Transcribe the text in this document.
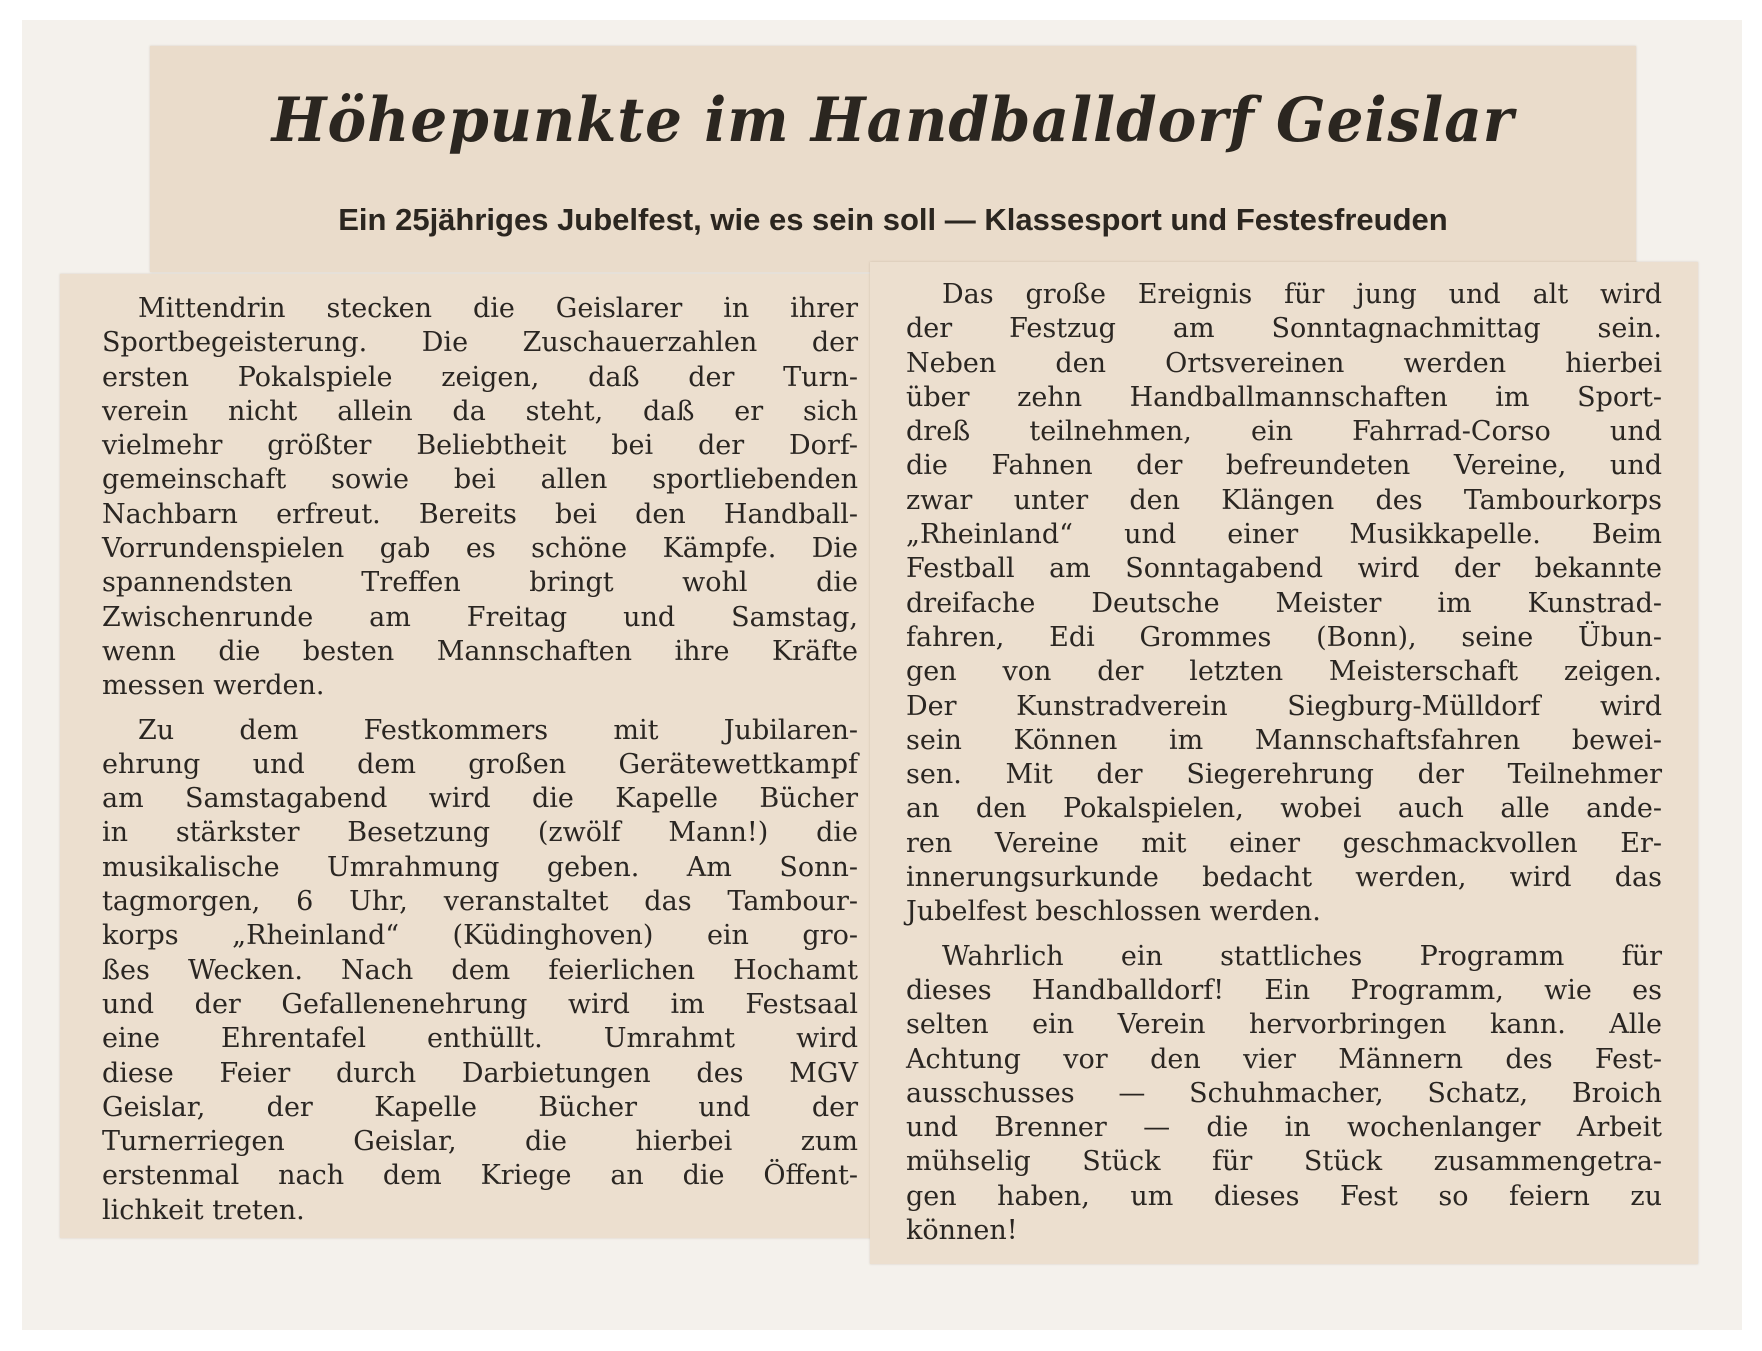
Höhepunkte im Handballdorf Geislar
Ein 25jähriges Jubelfest, wie es sein soll — Klassesport und Festesfreuden

Mittendrin stecken die Geislarer in ihrer
Sportbegeisterung. Die Zuschauerzahlen der
ersten Pokalspiele zeigen, daß der Turn-
verein nicht allein da steht, daß er sich
vielmehr größter Beliebtheit bei der Dorf-
gemeinschaft sowie bei allen sportliebenden
Nachbarn erfreut. Bereits bei den Handball-
Vorrundenspielen gab es schöne Kämpfe. Die
spannendsten Treffen bringt wohl die
Zwischenrunde am Freitag und Samstag,
wenn die besten Mannschaften ihre Kräfte
messen werden.

Zu dem Festkommers mit Jubilaren-
ehrung und dem großen Gerätewettkampf
am Samstagabend wird die Kapelle Bücher
in stärkster Besetzung (zwölf Mann!) die
musikalische Umrahmung geben. Am Sonn-
tagmorgen, 6 Uhr, veranstaltet das Tambour-
korps „Rheinland“ (Küdinghoven) ein gro-
ßes Wecken. Nach dem feierlichen Hochamt
und der Gefallenenehrung wird im Festsaal
eine Ehrentafel enthüllt. Umrahmt wird
diese Feier durch Darbietungen des MGV
Geislar, der Kapelle Bücher und der
Turnerriegen Geislar, die hierbei zum
erstenmal nach dem Kriege an die Öffent-
lichkeit treten.

Das große Ereignis für jung und alt wird
der Festzug am Sonntagnachmittag sein.
Neben den Ortsvereinen werden hierbei
über zehn Handballmannschaften im Sport-
dreß teilnehmen, ein Fahrrad-Corso und
die Fahnen der befreundeten Vereine, und
zwar unter den Klängen des Tambourkorps
„Rheinland“ und einer Musikkapelle. Beim
Festball am Sonntagabend wird der bekannte
dreifache Deutsche Meister im Kunstrad-
fahren, Edi Grommes (Bonn), seine Übun-
gen von der letzten Meisterschaft zeigen.
Der Kunstradverein Siegburg-Mülldorf wird
sein Können im Mannschaftsfahren bewei-
sen. Mit der Siegerehrung der Teilnehmer
an den Pokalspielen, wobei auch alle ande-
ren Vereine mit einer geschmackvollen Er-
innerungsurkunde bedacht werden, wird das
Jubelfest beschlossen werden.

Wahrlich ein stattliches Programm für
dieses Handballdorf! Ein Programm, wie es
selten ein Verein hervorbringen kann. Alle
Achtung vor den vier Männern des Fest-
ausschusses — Schuhmacher, Schatz, Broich
und Brenner — die in wochenlanger Arbeit
mühselig Stück für Stück zusammengetra-
gen haben, um dieses Fest so feiern zu
können!
